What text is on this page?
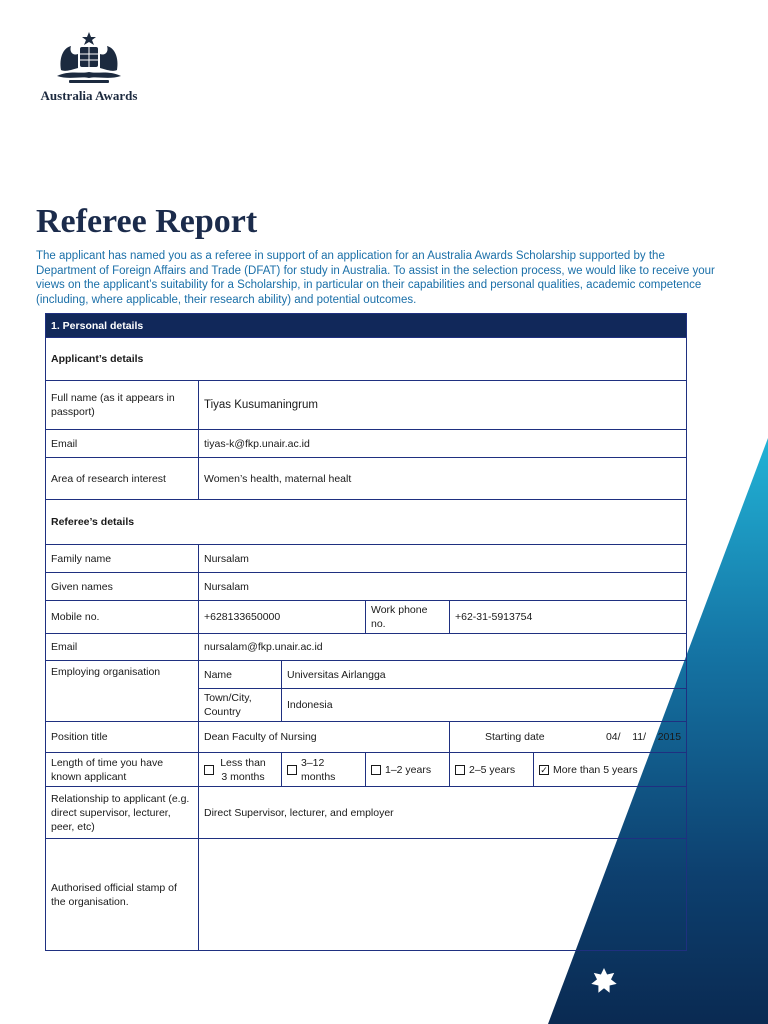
Australia Awards
Referee Report

The applicant has named you as a referee in support of an application for an Australia Awards Scholarship supported by the Department of Foreign Affairs and Trade (DFAT) for study in Australia. To assist in the selection process, we would like to receive your views on the applicant’s suitability for a Scholarship, in particular on their capabilities and personal qualities, academic competence (including, where applicable, their research ability) and potential outcomes.

1. Personal details					
Applicant’s details					
Full name (as it appears in passport)	Tiyas Kusumaningrum				
Email	tiyas-k@fkp.unair.ac.id				
Area of research interest	Women’s health, maternal healt				
Referee’s details					
Family name	Nursalam				
Given names	Nursalam				
Mobile no.	+628133650000		Work phone no.	+62-31-5913754	
Email	nursalam@fkp.unair.ac.id				
Employing organisation	Name	Universitas Airlangga			
	Town/City, Country	Indonesia			
Position title	Dean Faculty of Nursing			Starting date 04/ 11/ 2015	

Length of time you have known applicant	Less than 3 months	3–12 months	1–2 years	2–5 years	✓ More than 5 years

Relationship to applicant (e.g. direct supervisor, lecturer, peer, etc)	Direct Supervisor, lecturer, and employer				
Authorised official stamp of the organisation.					
